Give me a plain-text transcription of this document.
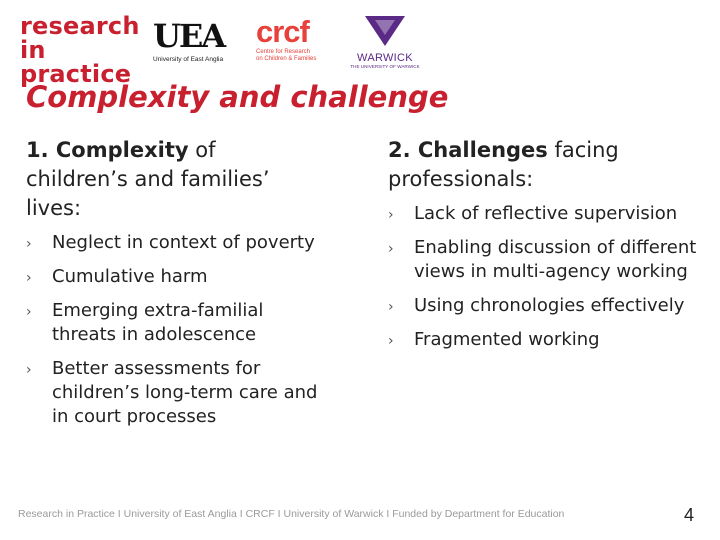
research
in practice
UEA
University of East Anglia
crcf
Centre for Research
on Children & Families	WARWICK
THE UNIVERSITY OF WARWICK
Complexity and challenge

1. Complexity of children’s and families’ lives:

› Neglect in context of poverty
› Cumulative harm
› Emerging extra-familial threats in adolescence
› Better assessments for children’s long-term care and in court processes

2. Challenges facing professionals:

› Lack of reflective supervision
› Enabling discussion of different views in multi-agency working
› Using chronologies effectively
› Fragmented working
Research in Practice I University of East Anglia I CRCF I University of Warwick I Funded by Department for Education	4
